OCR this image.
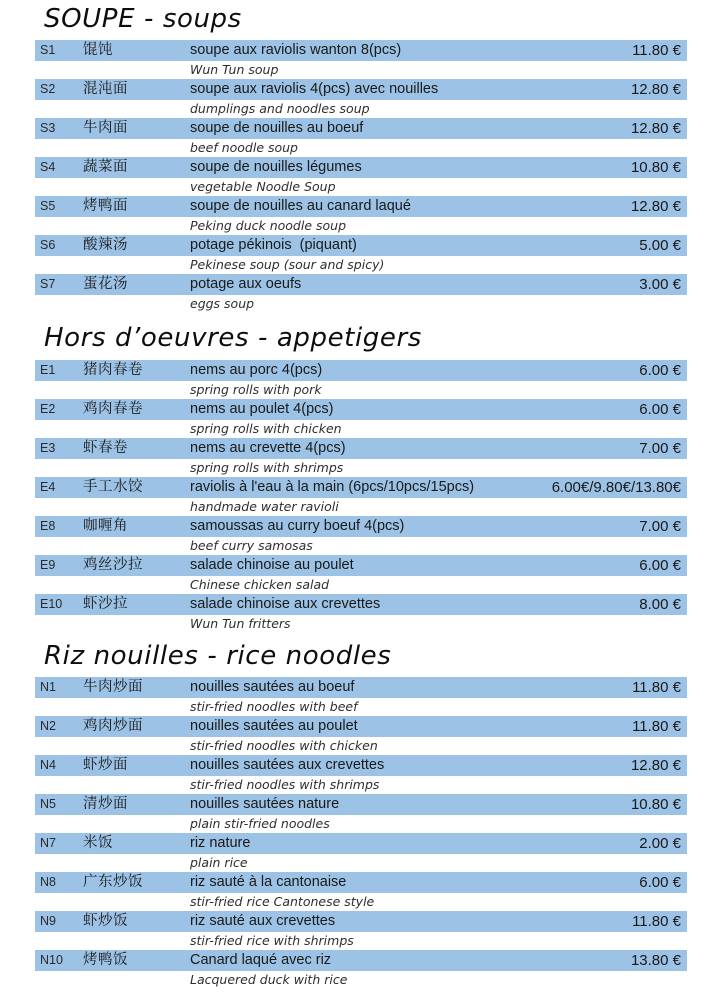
SOUPE - soups
S1 馄饨	soupe aux raviolis wanton 8(pcs)	11.80 €
Wun Tun soup
S2 混沌面	soupe aux raviolis 4(pcs) avec nouilles	12.80 €
dumplings and noodles soup
S3 牛肉面	soupe de nouilles au boeuf	12.80 €
beef noodle soup
S4 蔬菜面	soupe de nouilles légumes	10.80 €
vegetable Noodle Soup
S5 烤鸭面	soupe de nouilles au canard laqué	12.80 €
Peking duck noodle soup
S6 酸辣汤	potage pékinois  (piquant)	5.00 €
Pekinese soup (sour and spicy)
S7 蛋花汤	potage aux oeufs	3.00 €
eggs soup
Hors d’oeuvres - appetigers
E1 猪肉春卷	nems au porc 4(pcs)	6.00 €
spring rolls with pork
E2 鸡肉春卷	nems au poulet 4(pcs)	6.00 €
spring rolls with chicken
E3 虾春卷	nems au crevette 4(pcs)	7.00 €
spring rolls with shrimps
E4 手工水饺	raviolis à l'eau à la main (6pcs/10pcs/15pcs)	6.00€/9.80€/13.80€
handmade water ravioli
E8 咖喱角	samoussas au curry boeuf 4(pcs)	7.00 €
beef curry samosas
E9 鸡丝沙拉	salade chinoise au poulet	6.00 €
Chinese chicken salad
E10 虾沙拉	salade chinoise aux crevettes	8.00 €
Wun Tun fritters
Riz nouilles - rice noodles
N1 牛肉炒面	nouilles sautées au boeuf	11.80 €
stir-fried noodles with beef
N2 鸡肉炒面	nouilles sautées au poulet	11.80 €
stir-fried noodles with chicken
N4 虾炒面	nouilles sautées aux crevettes	12.80 €
stir-fried noodles with shrimps
N5 清炒面	nouilles sautées nature	10.80 €
plain stir-fried noodles
N7 米饭	riz nature	2.00 €
plain rice
N8 广东炒饭	riz sauté à la cantonaise	6.00 €
stir-fried rice Cantonese style
N9 虾炒饭	riz sauté aux crevettes	11.80 €
stir-fried rice with shrimps
N10 烤鸭饭	Canard laqué avec riz	13.80 €
Lacquered duck with rice
